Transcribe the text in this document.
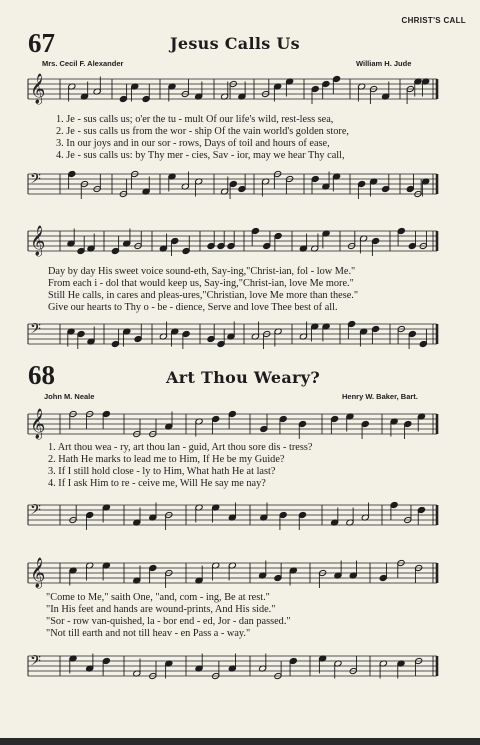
CHRIST'S CALL
67	Jesus Calls Us
Mrs. Cecil F. Alexander	William H. Jude
𝄞
1. Je - sus calls us; o'er the tu - mult Of our life's wild, rest-less sea,
2. Je - sus calls us from the wor - ship Of the vain world's golden store,
3. In our joys and in our sor - rows, Days of toil and hours of ease,
4. Je - sus calls us: by Thy mer - cies, Sav - ior, may we hear Thy call,
𝄢
𝄞
Day by day His sweet voice sound-eth, Say-ing,"Christ-ian, fol - low Me."
From each i - dol that would keep us, Say-ing,"Christ-ian, love Me more."
Still He calls, in cares and pleas-ures,"Christian, love Me more than these."
Give our hearts to Thy o - be - dience, Serve and love Thee best of all.
𝄢
68	Art Thou Weary?
John M. Neale	Henry W. Baker, Bart.
𝄞
1. Art thou wea - ry, art thou lan - guid, Art thou sore dis - tress?
2. Hath He marks to lead me to Him, If He be my Guide?
3. If I still hold close - ly to Him, What hath He at last?
4. If I ask Him to re - ceive me, Will He say me nay?
𝄢
𝄞
"Come to Me," saith One, "and, com - ing, Be at rest."
"In His feet and hands are wound-prints, And His side."
"Sor - row van-quished, la - bor end - ed, Jor - dan passed."
"Not till earth and not till heav - en Pass a - way."
𝄢
